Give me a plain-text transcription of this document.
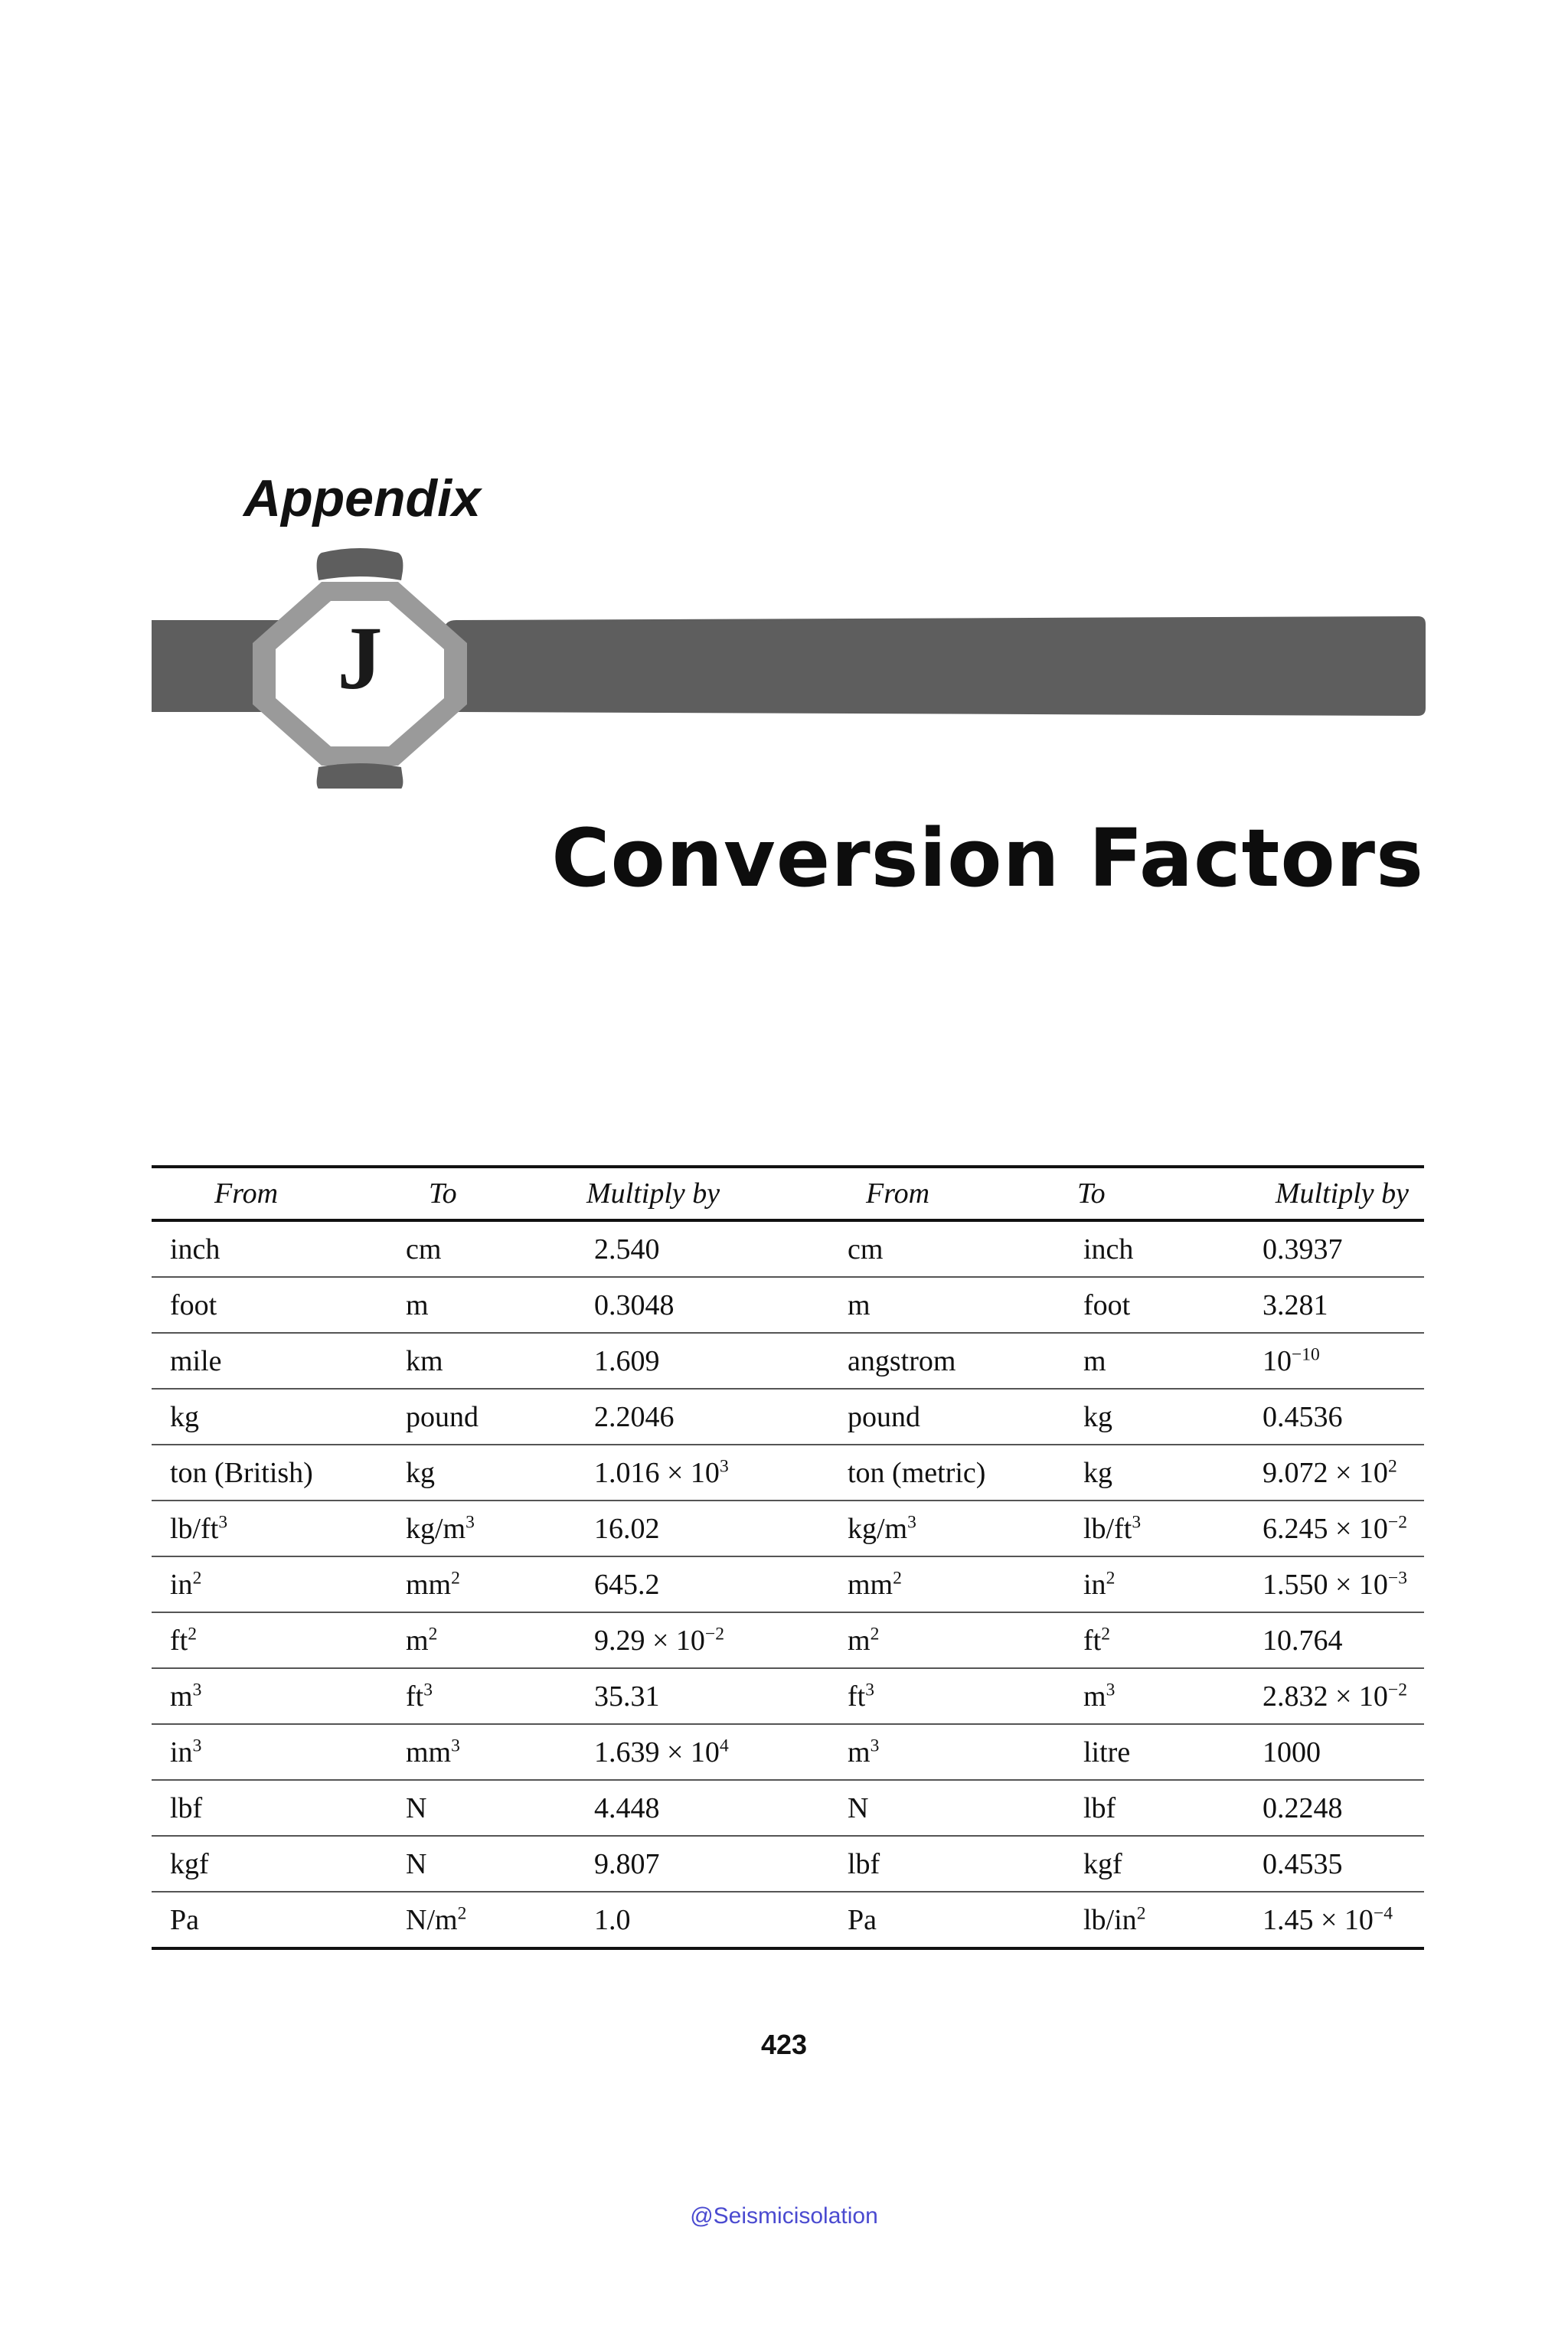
Appendix
J
Conversion Factors
From	To	Multiply by	From	To	Multiply by
inch	cm	2.540	cm	inch	0.3937
foot	m	0.3048	m	foot	3.281
mile	km	1.609	angstrom	m	$10^{-10}$
kg	pound	2.2046	pound	kg	0.4536
ton (British)	kg	$1.016 \times 10^3$	ton (metric)	kg	$9.072 \times 10^2$
$lb/ft^3$	$kg/m^3$	16.02	$kg/m^3$	$lb/ft^3$	$6.245 \times 10^{-2}$
$in^2$	$mm^2$	645.2	$mm^2$	$in^2$	$1.550 \times 10^{-3}$
$ft^2$	$m^2$	$9.29 \times 10^{-2}$	$m^2$	$ft^2$	10.764
$m^3$	$ft^3$	35.31	$ft^3$	$m^3$	$2.832 \times 10^{-2}$
$in^3$	$mm^3$	$1.639 \times 10^4$	$m^3$	litre	1000
lbf	N	4.448	N	lbf	0.2248
kgf	N	9.807	lbf	kgf	0.4535
Pa	$N/m^2$	1.0	Pa	$lb/in^2$	$1.45 \times 10^{-4}$
423
@Seismicisolation
